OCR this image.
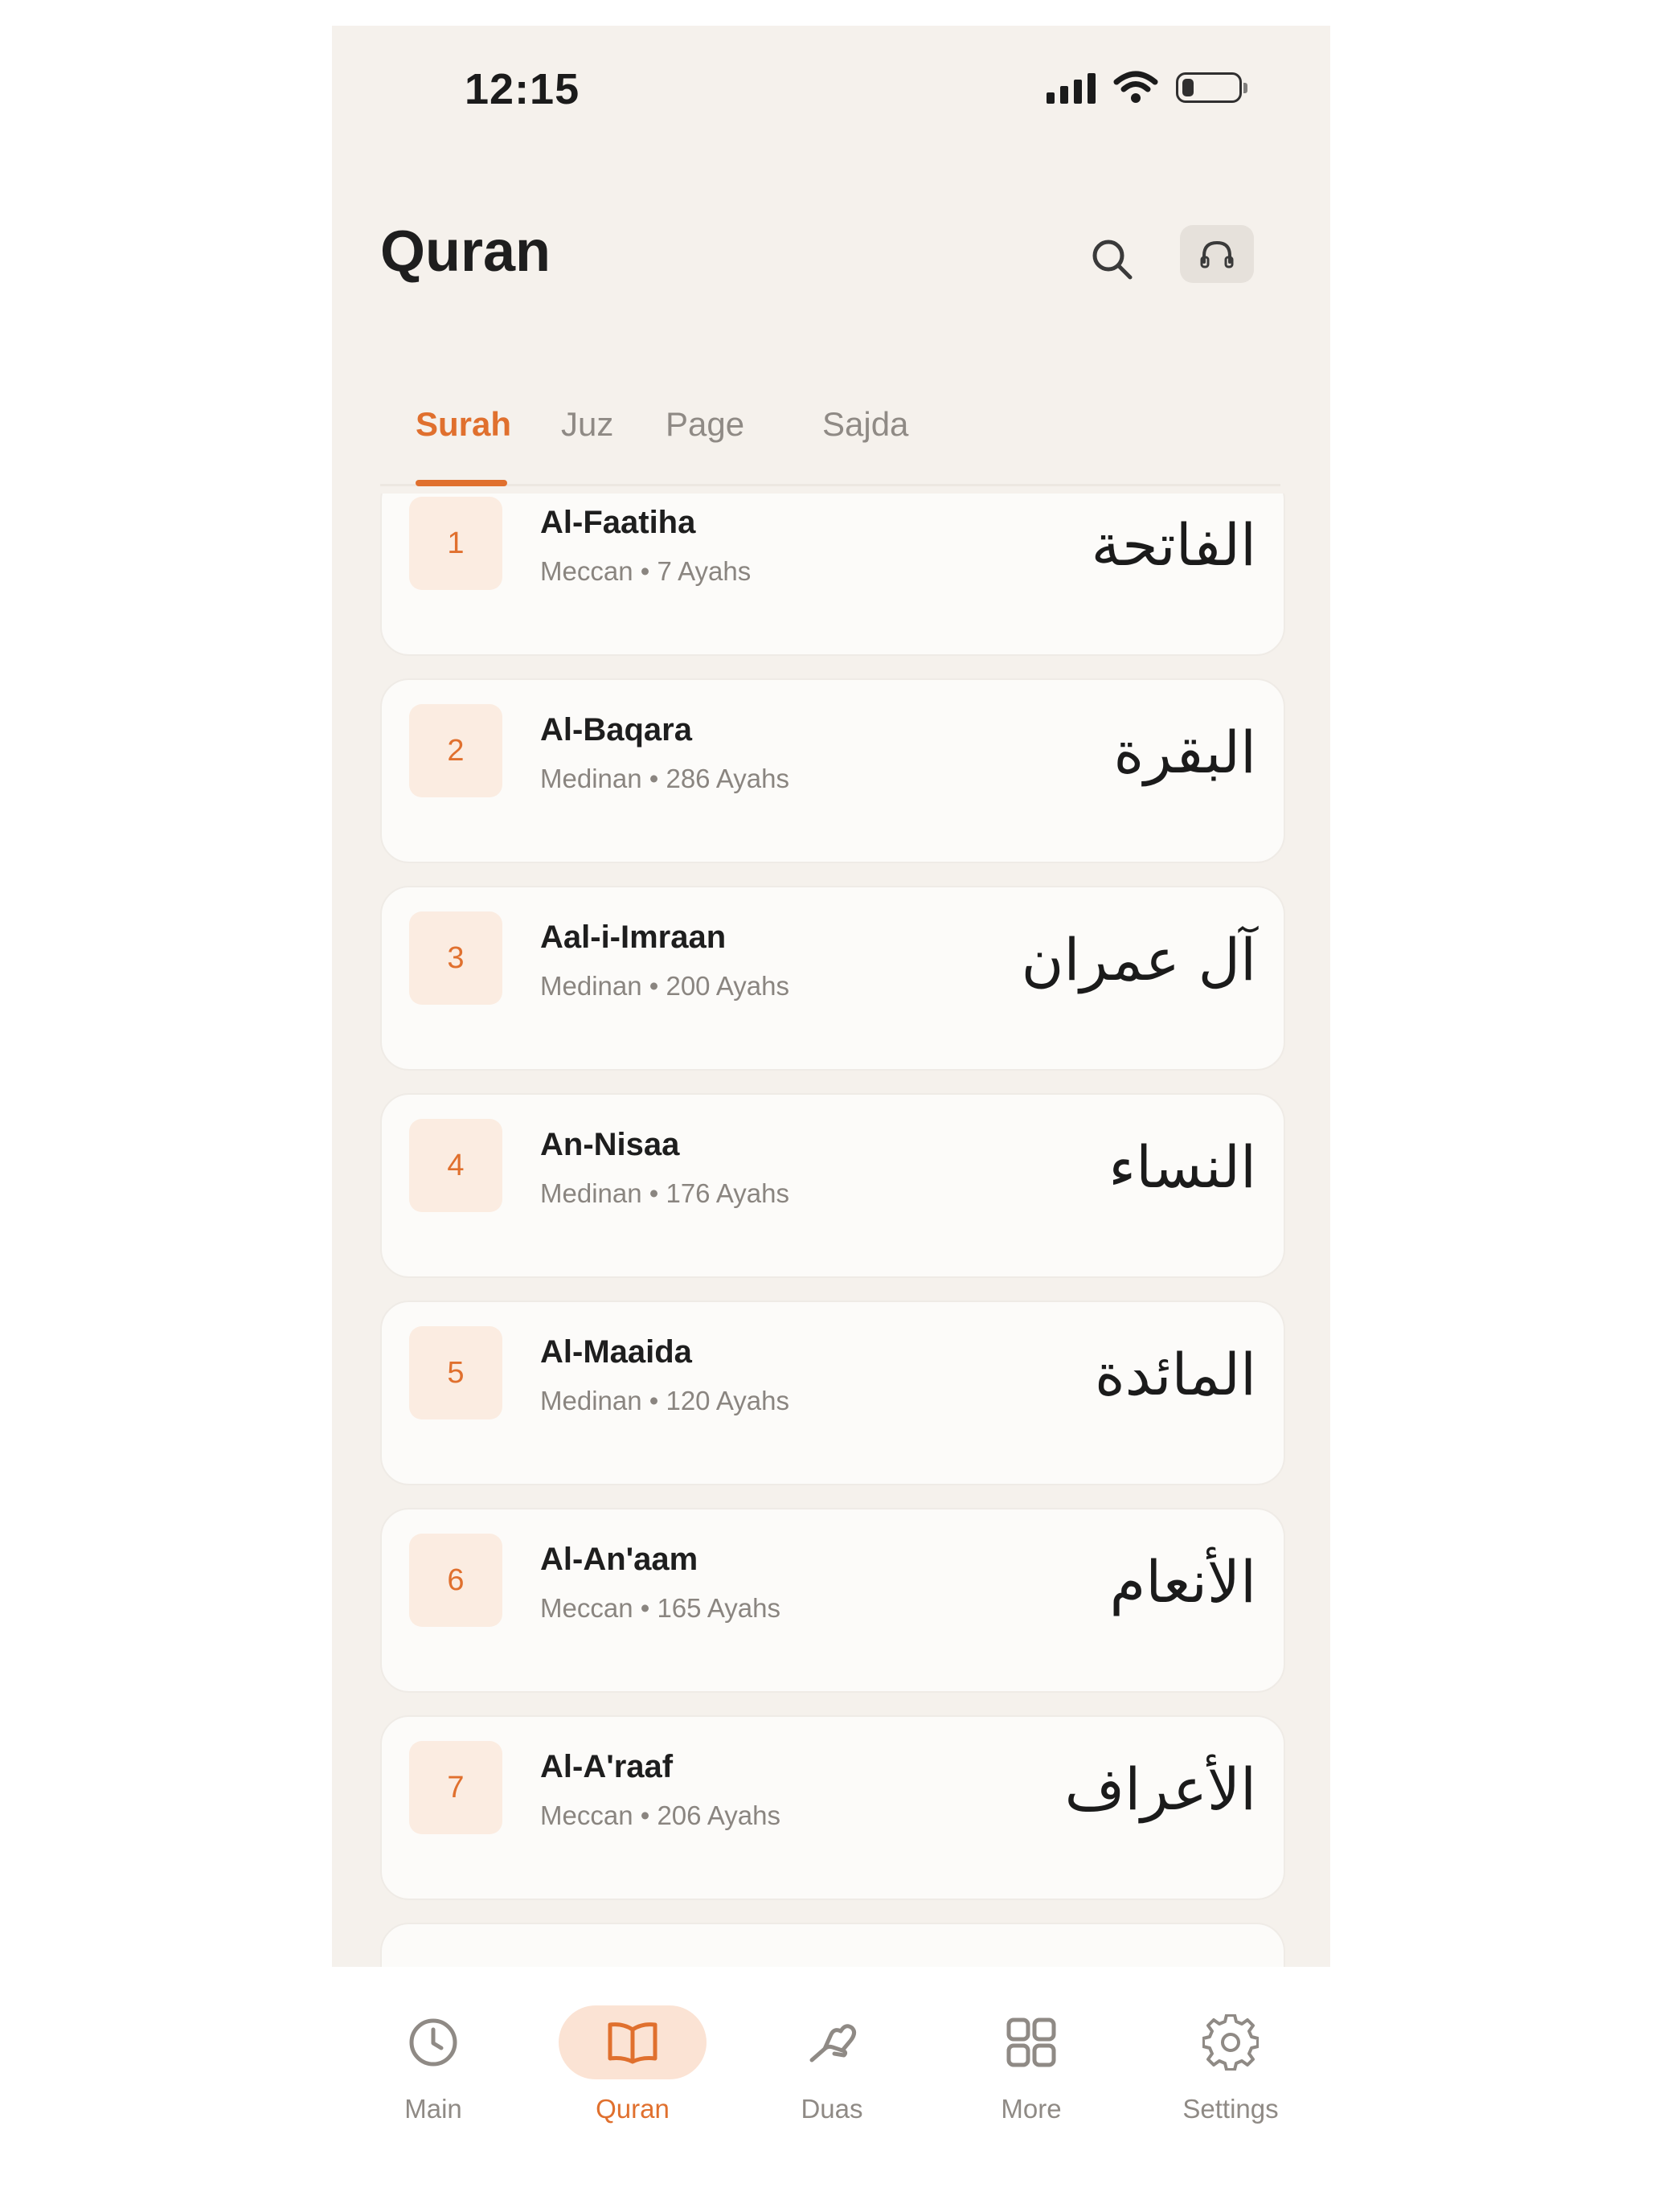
12:15
Quran
Surah Juz Page Sajda
1
Al-Faatiha
Meccan • 7 Ayahs	الفاتحة
2
Al-Baqara
Medinan • 286 Ayahs	البقرة
3
Aal-i-Imraan
Medinan • 200 Ayahs	آل عمران
4
An-Nisaa
Medinan • 176 Ayahs	النساء
5
Al-Maaida
Medinan • 120 Ayahs	المائدة
6
Al-An'aam
Meccan • 165 Ayahs	الأنعام
7
Al-A'raaf
Meccan • 206 Ayahs	الأعراف
Main	Quran	Duas	More	Settings
